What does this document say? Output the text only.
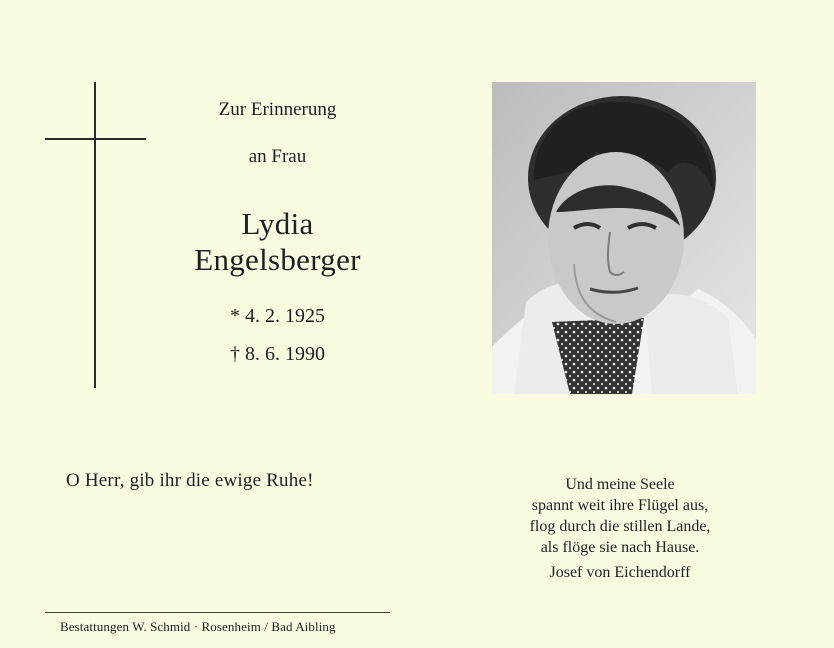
Zur Erinnerung
an Frau
Lydia
Engelsberger
* 4. 2. 1925
† 8. 6. 1990
O Herr, gib ihr die ewige Ruhe!	Und meine Seele
spannt weit ihre Flügel aus,
flog durch die stillen Lande,
als flöge sie nach Hause.
Josef von Eichendorff
Bestattungen W. Schmid · Rosenheim / Bad Aibling
